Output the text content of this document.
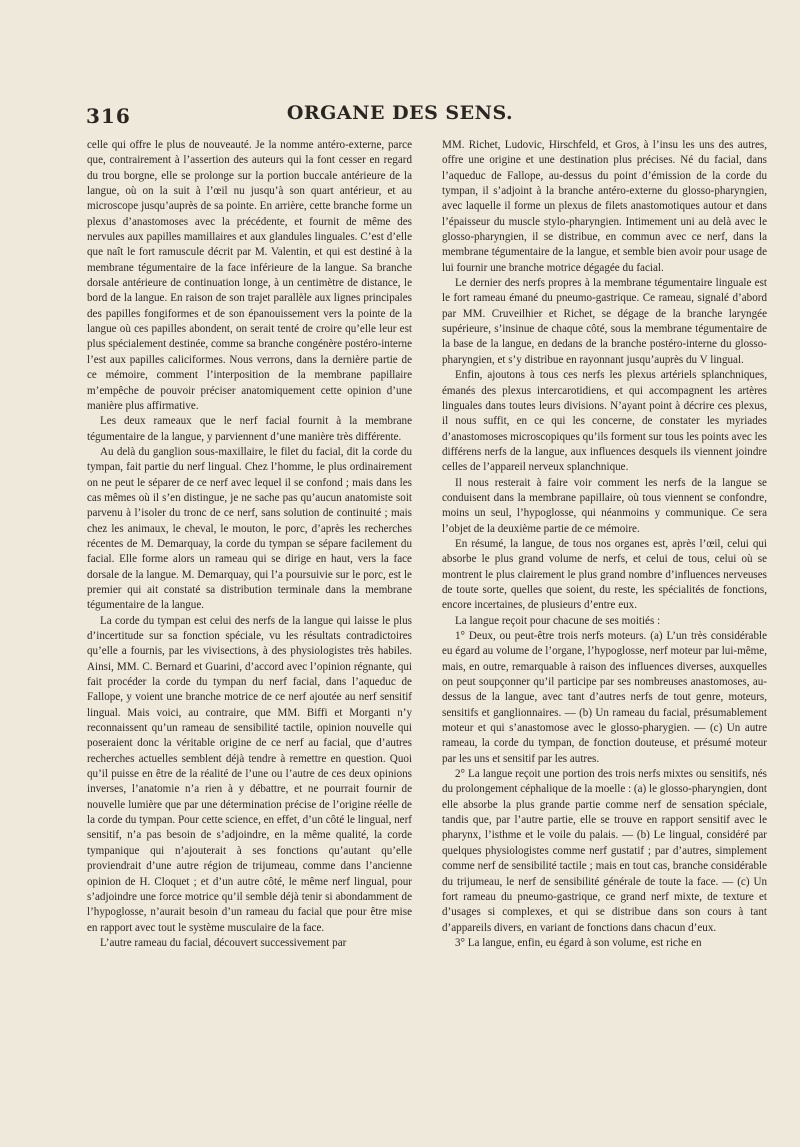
316	ORGANE DES SENS.

celle qui offre le plus de nouveauté. Je la nomme antéro-externe, parce que, contrairement à l’assertion des auteurs qui la font cesser en regard du trou borgne, elle se prolonge sur la portion buccale antérieure de la langue, où on la suit à l’œil nu jusqu’à son quart antérieur, et au microscope jusqu’auprès de sa pointe. En arrière, cette branche forme un plexus d’anastomoses avec la précédente, et fournit de même des nervules aux papilles mamillaires et aux glandules linguales. C’est d’elle que naît le fort ramuscule décrit par M. Valentin, et qui est destiné à la membrane tégumentaire de la face inférieure de la langue. Sa branche dorsale antérieure de continuation longe, à un centimètre de distance, le bord de la langue. En raison de son trajet parallèle aux lignes principales des papilles fongiformes et de son épanouissement vers la pointe de la langue où ces papilles abondent, on serait tenté de croire qu’elle leur est plus spécialement destinée, comme sa branche congénère postéro-interne l’est aux papilles caliciformes. Nous verrons, dans la dernière partie de ce mémoire, comment l’interposition de la membrane papillaire m’empêche de pouvoir préciser anatomiquement cette opinion d’une manière plus affirmative.

Les deux rameaux que le nerf facial fournit à la membrane tégumentaire de la langue, y parviennent d’une manière très différente.

Au delà du ganglion sous-maxillaire, le filet du facial, dit la corde du tympan, fait partie du nerf lingual. Chez l’homme, le plus ordinairement on ne peut le séparer de ce nerf avec lequel il se confond ; mais dans les cas mêmes où il s’en distingue, je ne sache pas qu’aucun anatomiste soit parvenu à l’isoler du tronc de ce nerf, sans solution de continuité ; mais chez les animaux, le cheval, le mouton, le porc, d’après les recherches récentes de M. Demarquay, la corde du tympan se sépare facilement du facial. Elle forme alors un rameau qui se dirige en haut, vers la face dorsale de la langue. M. Demarquay, qui l’a poursuivie sur le porc, est le premier qui ait constaté sa distribution terminale dans la membrane tégumentaire de la langue.

La corde du tympan est celui des nerfs de la langue qui laisse le plus d’incertitude sur sa fonction spéciale, vu les résultats contradictoires qu’elle a fournis, par les vivisections, à des physiologistes très habiles. Ainsi, MM. C. Bernard et Guarini, d’accord avec l’opinion régnante, qui fait procéder la corde du tympan du nerf facial, dans l’aqueduc de Fallope, y voient une branche motrice de ce nerf ajoutée au nerf sensitif lingual. Mais voici, au contraire, que MM. Biffi et Morganti n’y reconnaissent qu’un rameau de sensibilité tactile, opinion nouvelle qui poseraient donc la véritable origine de ce nerf au facial, que d’autres recherches actuelles semblent déjà tendre à remettre en question. Quoi qu’il puisse en être de la réalité de l’une ou l’autre de ces deux opinions inverses, l’anatomie n’a rien à y débattre, et ne pourrait fournir de nouvelle lumière que par une détermination précise de l’origine réelle de la corde du tympan. Pour cette science, en effet, d’un côté le lingual, nerf sensitif, n’a pas besoin de s’adjoindre, en la même qualité, la corde tympanique qui n’ajouterait à ses fonctions qu’autant qu’elle proviendrait d’une autre région de trijumeau, comme dans l’ancienne opinion de H. Cloquet ; et d’un autre côté, le même nerf lingual, pour s’adjoindre une force motrice qu’il semble déjà tenir si abondamment de l’hypoglosse, n’aurait besoin d’un rameau du facial que pour être mise en rapport avec tout le système musculaire de la face.

L’autre rameau du facial, découvert successivement par

MM. Richet, Ludovic, Hirschfeld, et Gros, à l’insu les uns des autres, offre une origine et une destination plus précises. Né du facial, dans l’aqueduc de Fallope, au-dessus du point d’émission de la corde du tympan, il s’adjoint à la branche antéro-externe du glosso-pharyngien, avec laquelle il forme un plexus de filets anastomotiques autour et dans l’épaisseur du muscle stylo-pharyngien. Intimement uni au delà avec le glosso-pharyngien, il se distribue, en commun avec ce nerf, dans la membrane tégumentaire de la langue, et semble bien avoir pour usage de lui fournir une branche motrice dégagée du facial.

Le dernier des nerfs propres à la membrane tégumentaire linguale est le fort rameau émané du pneumo-gastrique. Ce rameau, signalé d’abord par MM. Cruveilhier et Richet, se dégage de la branche laryngée supérieure, s’insinue de chaque côté, sous la membrane tégumentaire de la base de la langue, en dedans de la branche postéro-interne du glosso-pharyngien, et s’y distribue en rayonnant jusqu’auprès du V lingual.

Enfin, ajoutons à tous ces nerfs les plexus artériels splanchniques, émanés des plexus intercarotidiens, et qui accompagnent les artères linguales dans toutes leurs divisions. N’ayant point à décrire ces plexus, il nous suffit, en ce qui les concerne, de constater les myriades d’anastomoses microscopiques qu’ils forment sur tous les points avec les différens nerfs de la langue, aux influences desquels ils viennent joindre celles de l’appareil nerveux splanchnique.

Il nous resterait à faire voir comment les nerfs de la langue se conduisent dans la membrane papillaire, où tous viennent se confondre, moins un seul, l’hypoglosse, qui néanmoins y communique. Ce sera l’objet de la deuxième partie de ce mémoire.

En résumé, la langue, de tous nos organes est, après l’œil, celui qui absorbe le plus grand volume de nerfs, et celui de tous, celui où se montrent le plus clairement le plus grand nombre d’influences nerveuses de toute sorte, quelles que soient, du reste, les spécialités de fonctions, encore incertaines, de plusieurs d’entre eux.

La langue reçoit pour chacune de ses moitiés :

1° Deux, ou peut-être trois nerfs moteurs. (a) L’un très considérable eu égard au volume de l’organe, l’hypoglosse, nerf moteur par lui-même, mais, en outre, remarquable à raison des influences diverses, auxquelles on peut soupçonner qu’il participe par ses nombreuses anastomoses, au-dessus de la langue, avec tant d’autres nerfs de tout genre, moteurs, sensitifs et ganglionnaires. — (b) Un rameau du facial, présumablement moteur et qui s’anastomose avec le glosso-pharygien. — (c) Un autre rameau, la corde du tympan, de fonction douteuse, et présumé moteur par les uns et sensitif par les autres.

2° La langue reçoit une portion des trois nerfs mixtes ou sensitifs, nés du prolongement céphalique de la moelle : (a) le glosso-pharyngien, dont elle absorbe la plus grande partie comme nerf de sensation spéciale, tandis que, par l’autre partie, elle se trouve en rapport sensitif avec le pharynx, l’isthme et le voile du palais. — (b) Le lingual, considéré par quelques physiologistes comme nerf gustatif ; par d’autres, simplement comme nerf de sensibilité tactile ; mais en tout cas, branche considérable du trijumeau, le nerf de sensibilité générale de toute la face. — (c) Un fort rameau du pneumo-gastrique, ce grand nerf mixte, de texture et d’usages si complexes, et qui se distribue dans son cours à tant d’appareils divers, en variant de fonctions dans chacun d’eux.

3° La langue, enfin, eu égard à son volume, est riche en
